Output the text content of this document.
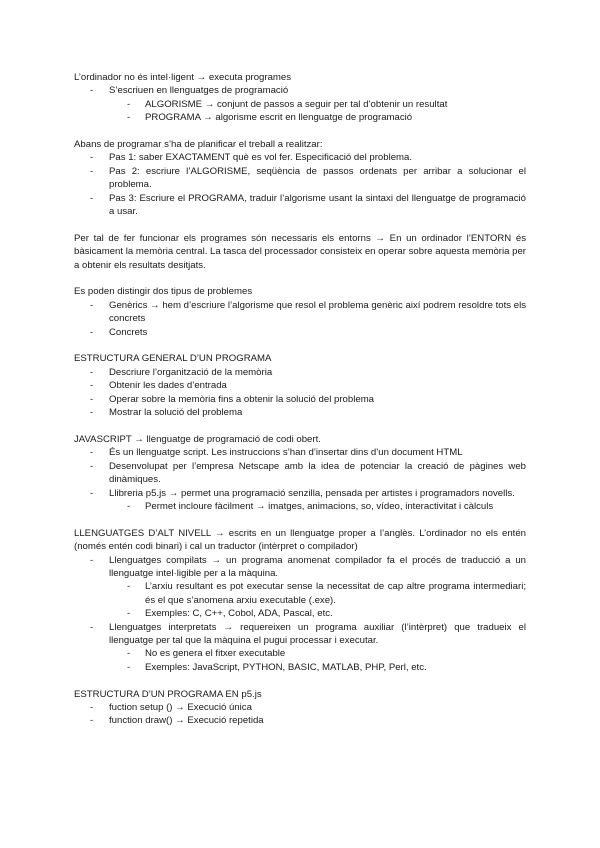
L’ordinador no és intel·ligent → executa programes

- S’escriuen en llenguatges de programació
- ALGORISME → conjunt de passos a seguir per tal d’obtenir un resultat
- PROGRAMA → algorisme escrit en llenguatge de programació

Abans de programar s’ha de planificar el treball a realitzar:

- Pas 1: saber EXACTAMENT què es vol fer. Especificació del problema.
- Pas 2: escriure l’ALGORISME, seqüència de passos ordenats per arribar a solucionar el problema.
- Pas 3: Escriure el PROGRAMA, traduir l’algorisme usant la sintaxi del llenguatge de programació a usar.

Per tal de fer funcionar els programes són necessaris els entorns → En un ordinador l’ENTORN és bàsicament la memòria central. La tasca del processador consisteix en operar sobre aquesta memòria per a obtenir els resultats desitjats.

Es poden distingir dos tipus de problemes

- Genèrics → hem d’escriure l’algorisme que resol el problema genèric així podrem resoldre tots els concrets
- Concrets

ESTRUCTURA GENERAL D’UN PROGRAMA

- Descriure l’organització de la memòria
- Obtenir les dades d’entrada
- Operar sobre la memòria fins a obtenir la solució del problema
- Mostrar la solució del problema

JAVASCRIPT → llenguatge de programació de codi obert.

- És un llenguatge script. Les instruccions s’han d’insertar dins d’un document HTML
- Desenvolupat per l’empresa Netscape amb la idea de potenciar la creació de pàgines web dinàmiques.
- Llibreria p5.js → permet una programació senzilla, pensada per artistes i programadors novells.
- Permet incloure fàcilment → imatges, animacions, so, vídeo, interactivitat i càlculs

LLENGUATGES D’ALT NIVELL → escrits en un llenguatge proper a l’anglès. L’ordinador no els entén (només entén codi binari) i cal un traductor (intèrpret o compilador)

- Llenguatges compilats → un programa anomenat compilador fa el procés de traducció a un llenguatge intel·ligible per a la màquina.
- L’arxiu resultant es pot executar sense la necessitat de cap altre programa intermediari; és el que s’anomena arxiu executable (.exe).
- Exemples: C, C++, Cobol, ADA, Pascal, etc.
- Llenguatges interpretats → requereixen un programa auxiliar (l’intèrpret) que tradueix el llenguatge per tal que la màquina el pugui processar i executar.
- No es genera el fitxer executable
- Exemples: JavaScript, PYTHON, BASIC, MATLAB, PHP, Perl, etc.

ESTRUCTURA D’UN PROGRAMA EN p5.js

- fuction setup () → Execució única
- function draw() → Execució repetida
